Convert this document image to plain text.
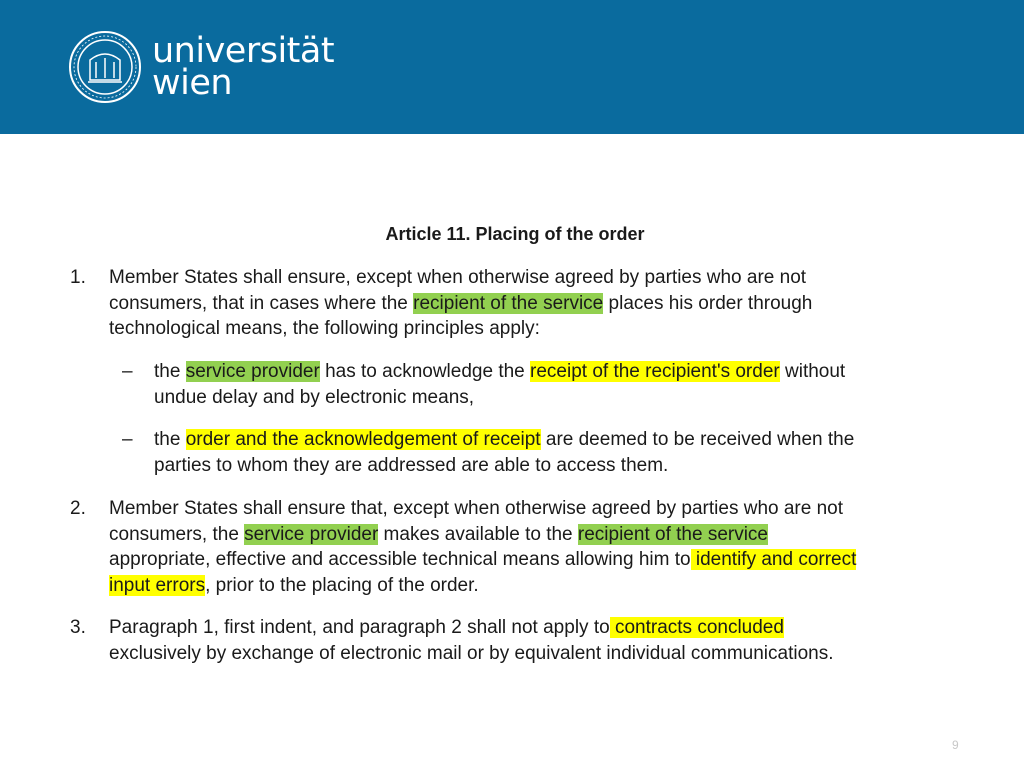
universität
wien
Article 11. Placing of the order
1. Member States shall ensure, except when otherwise agreed by parties who are not
consumers, that in cases where the recipient of the service places his order through
technological means, the following principles apply:
– the service provider has to acknowledge the receipt of the recipient's order without
undue delay and by electronic means,
– the order and the acknowledgement of receipt are deemed to be received when the
parties to whom they are addressed are able to access them.
2. Member States shall ensure that, except when otherwise agreed by parties who are not
consumers, the service provider makes available to the recipient of the service
appropriate, effective and accessible technical means allowing him to identify and correct
input errors, prior to the placing of the order.
3. Paragraph 1, first indent, and paragraph 2 shall not apply to contracts concluded
exclusively by exchange of electronic mail or by equivalent individual communications.
9
